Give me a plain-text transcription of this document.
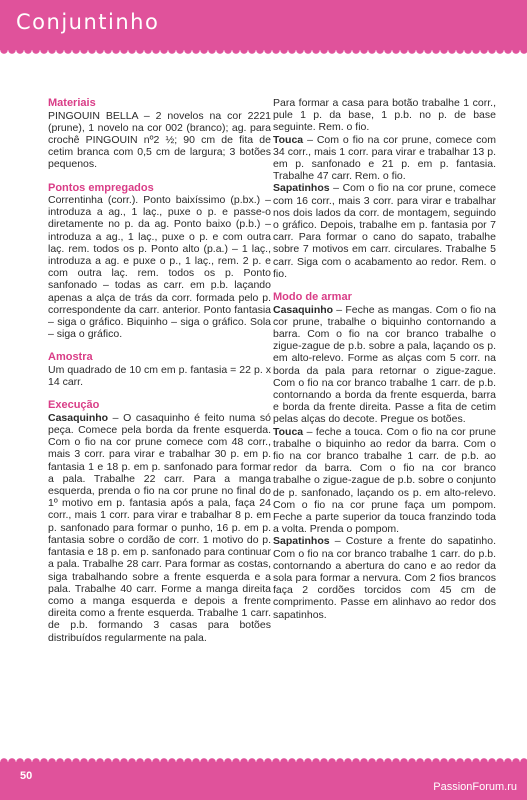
Conjuntinho

Materiais

PINGOUIN BELLA – 2 novelos na cor 2221 (prune), 1 novelo na cor 002 (branco); ag. para crochê PINGOUIN nº2 ½; 90 cm de fita de cetim branca com 0,5 cm de largura; 3 botões pequenos.

Pontos empregados

Correntinha (corr.). Ponto baixíssimo (p.bx.) – introduza a ag., 1 laç., puxe o p. e passe-o diretamente no p. da ag. Ponto baixo (p.b.) – introduza a ag., 1 laç., puxe o p. e com outra laç. rem. todos os p. Ponto alto (p.a.) – 1 laç., introduza a ag. e puxe o p., 1 laç., rem. 2 p. e com outra laç. rem. todos os p. Ponto sanfonado – todas as carr. em p.b. laçando apenas a alça de trás da corr. formada pelo p. correspondente da carr. anterior. Ponto fantasia – siga o gráfico. Biquinho – siga o gráfico. Sola – siga o gráfico.

Amostra

Um quadrado de 10 cm em p. fantasia = 22 p. x 14 carr.

Execução

Casaquinho – O casaquinho é feito numa só peça. Comece pela borda da frente esquerda. Com o fio na cor prune comece com 48 corr., mais 3 corr. para virar e trabalhar 30 p. em p. fantasia 1 e 18 p. em p. sanfonado para formar a pala. Trabalhe 22 carr. Para a manga esquerda, prenda o fio na cor prune no final do 1º motivo em p. fantasia após a pala, faça 24 corr., mais 1 corr. para virar e trabalhar 8 p. em p. sanfonado para formar o punho, 16 p. em p. fantasia sobre o cordão de corr. 1 motivo do p. fantasia e 18 p. em p. sanfonado para continuar a pala. Trabalhe 28 carr. Para formar as costas, siga trabalhando sobre a frente esquerda e a pala. Trabalhe 40 carr. Forme a manga direita como a manga esquerda e depois a frente direita como a frente esquerda. Trabalhe 1 carr. de p.b. formando 3 casas para botões distribuídos regularmente na pala.

Para formar a casa para botão trabalhe 1 corr., pule 1 p. da base, 1 p.b. no p. de base seguinte. Rem. o fio.

Touca – Com o fio na cor prune, comece com 34 corr., mais 1 corr. para virar e trabalhar 13 p. em p. sanfonado e 21 p. em p. fantasia. Trabalhe 47 carr. Rem. o fio.

Sapatinhos – Com o fio na cor prune, comece com 16 corr., mais 3 corr. para virar e trabalhar nos dois lados da corr. de montagem, seguindo o gráfico. Depois, trabalhe em p. fantasia por 7 carr. Para formar o cano do sapato, trabalhe sobre 7 motivos em carr. circulares. Trabalhe 5 carr. Siga com o acabamento ao redor. Rem. o fio.

Modo de armar

Casaquinho – Feche as mangas. Com o fio na cor prune, trabalhe o biquinho contornando a barra. Com o fio na cor branco trabalhe o zigue-zague de p.b. sobre a pala, laçando os p. em alto-relevo. Forme as alças com 5 corr. na borda da pala para retornar o zigue-zague. Com o fio na cor branco trabalhe 1 carr. de p.b. contornando a borda da frente esquerda, barra e borda da frente direita. Passe a fita de cetim pelas alças do decote. Pregue os botões.

Touca – feche a touca. Com o fio na cor prune trabalhe o biquinho ao redor da barra. Com o fio na cor branco trabalhe 1 carr. de p.b. ao redor da barra. Com o fio na cor branco trabalhe o zigue-zague de p.b. sobre o conjunto de p. sanfonado, laçando os p. em alto-relevo. Com o fio na cor prune faça um pompom. Feche a parte superior da touca franzindo toda a volta. Prenda o pompom.

Sapatinhos – Costure a frente do sapatinho. Com o fio na cor branco trabalhe 1 carr. do p.b. contornando a abertura do cano e ao redor da sola para formar a nervura. Com 2 fios brancos faça 2 cordões torcidos com 45 cm de comprimento. Passe em alinhavo ao redor dos sapatinhos.

50
PassionForum.ru
